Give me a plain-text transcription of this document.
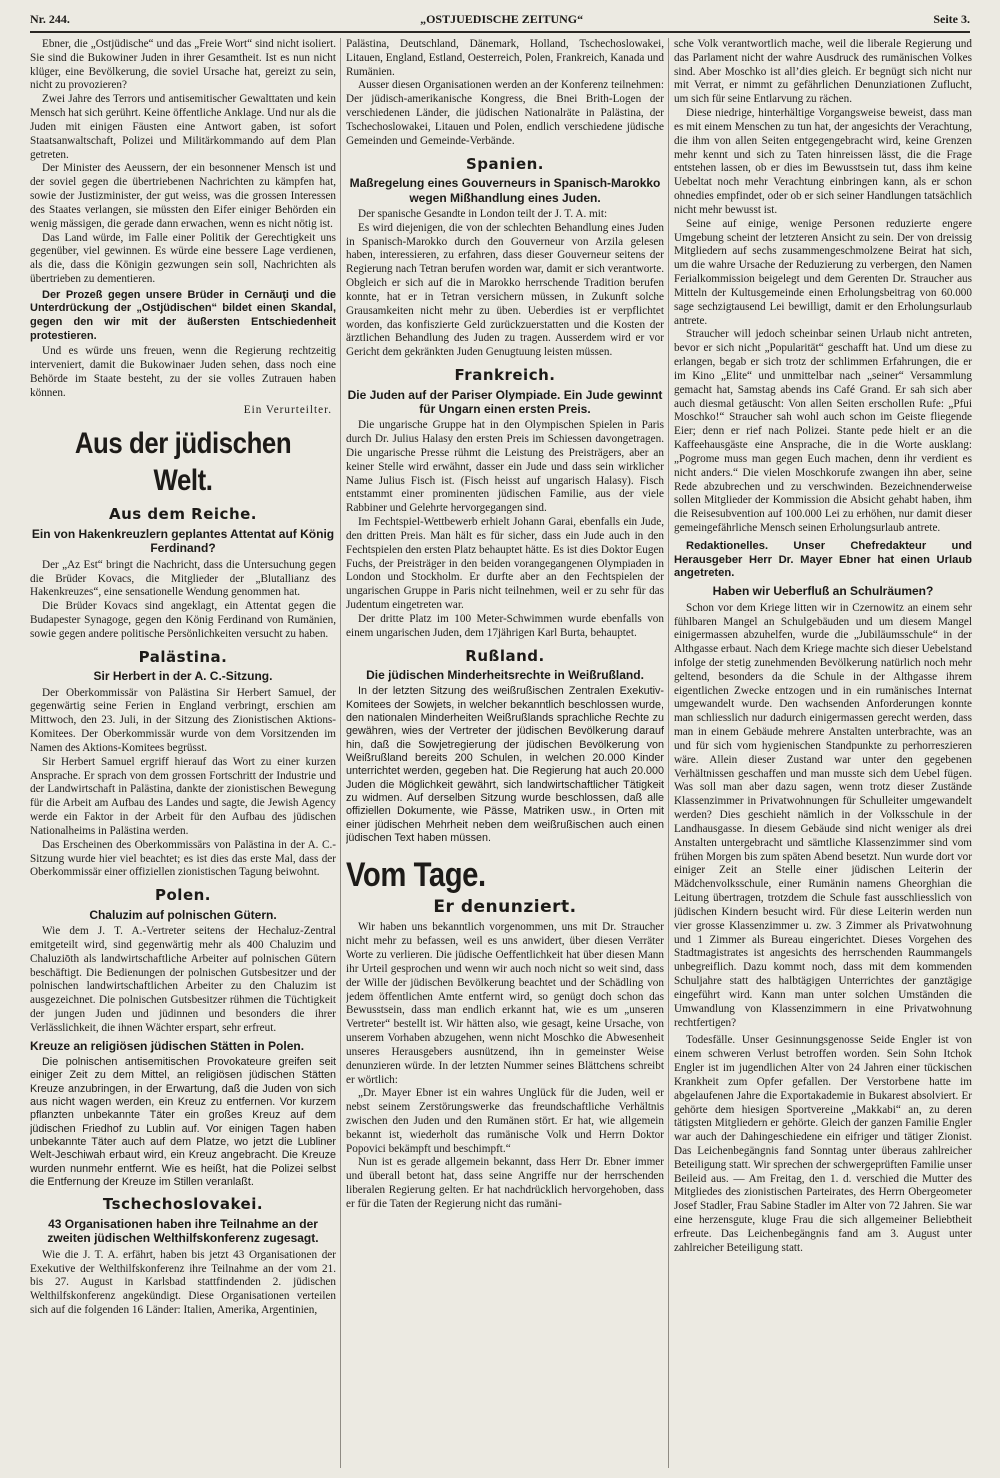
Nr. 244.	„OSTJUEDISCHE ZEITUNG“	Seite 3.

Ebner, die „Ostjüdische“ und das „Freie Wort“ sind nicht isoliert. Sie sind die Bukowiner Juden in ihrer Gesamtheit. Ist es nun nicht klüger, eine Bevölkerung, die soviel Ursache hat, gereizt zu sein, nicht zu provozieren?

Zwei Jahre des Terrors und antisemitischer Gewalttaten und kein Mensch hat sich gerührt. Keine öffentliche Anklage. Und nur als die Juden mit einigen Fäusten eine Antwort gaben, ist sofort Staatsanwaltschaft, Polizei und Militärkommando auf dem Plan getreten.

Der Minister des Aeussern, der ein besonnener Mensch ist und der soviel gegen die übertriebenen Nachrichten zu kämpfen hat, sowie der Justizminister, der gut weiss, was die grossen Interessen des Staates verlangen, sie müssten den Eifer einiger Behörden ein wenig mässigen, die gerade dann erwachen, wenn es nicht nötig ist.

Das Land würde, im Falle einer Politik der Gerechtigkeit uns gegenüber, viel gewinnen. Es würde eine bessere Lage verdienen, als die, dass die Königin gezwungen sein soll, Nachrichten als übertrieben zu dementieren.

Der Prozeß gegen unsere Brüder in Cernăuţi und die Unterdrückung der „Ostjüdischen“ bildet einen Skandal, gegen den wir mit der äußersten Entschiedenheit protestieren.

Und es würde uns freuen, wenn die Regierung rechtzeitig interveniert, damit die Bukowinaer Juden sehen, dass noch eine Behörde im Staate besteht, zu der sie volles Zutrauen haben können.

Ein Verurteilter.
Aus der jüdischen Welt.
Aus dem Reiche.
Ein von Hakenkreuzlern geplantes Attentat auf König Ferdinand?

Der „Az Est“ bringt die Nachricht, dass die Untersuchung gegen die Brüder Kovacs, die Mitglieder der „Blutallianz des Hakenkreuzes“, eine sensationelle Wendung genommen hat.

Die Brüder Kovacs sind angeklagt, ein Attentat gegen die Budapester Synagoge, gegen den König Ferdinand von Rumänien, sowie gegen andere politische Persönlichkeiten versucht zu haben.

Palästina.
Sir Herbert in der A. C.-Sitzung.

Der Oberkommissär von Palästina Sir Herbert Samuel, der gegenwärtig seine Ferien in England verbringt, erschien am Mittwoch, den 23. Juli, in der Sitzung des Zionistischen Aktions-Komitees. Der Oberkommissär wurde von dem Vorsitzenden im Namen des Aktions-Komitees begrüsst.

Sir Herbert Samuel ergriff hierauf das Wort zu einer kurzen Ansprache. Er sprach von dem grossen Fortschritt der Industrie und der Landwirtschaft in Palästina, dankte der zionistischen Bewegung für die Arbeit am Aufbau des Landes und sagte, die Jewish Agency werde ein Faktor in der Arbeit für den Aufbau des jüdischen Nationalheims in Palästina werden.

Das Erscheinen des Oberkommissärs von Palästina in der A. C.-Sitzung wurde hier viel beachtet; es ist dies das erste Mal, dass der Oberkommissär einer offiziellen zionistischen Tagung beiwohnt.

Polen.
Chaluzim auf polnischen Gütern.

Wie dem J. T. A.-Vertreter seitens der Hechaluz-Zentral emitgeteilt wird, sind gegenwärtig mehr als 400 Chaluzim und Chaluziōth als landwirtschaftliche Arbeiter auf polnischen Gütern beschäftigt. Die Bedienungen der polnischen Gutsbesitzer und der polnischen landwirtschaftlichen Arbeiter zu den Chaluzim ist ausgezeichnet. Die polnischen Gutsbesitzer rühmen die Tüchtigkeit der jungen Juden und jüdinnen und besonders die ihrer Verlässlichkeit, die ihnen Wächter erspart, sehr erfreut.

Kreuze an religiösen jüdischen Stätten in Polen.

Die polnischen antisemitischen Provokateure greifen seit einiger Zeit zu dem Mittel, an religiösen jüdischen Stätten Kreuze anzubringen, in der Erwartung, daß die Juden von sich aus nicht wagen werden, ein Kreuz zu entfernen. Vor kurzem pflanzten unbekannte Täter ein großes Kreuz auf dem jüdischen Friedhof zu Lublin auf. Vor einigen Tagen haben unbekannte Täter auch auf dem Platze, wo jetzt die Lubliner Welt-Jeschiwah erbaut wird, ein Kreuz angebracht. Die Kreuze wurden nunmehr entfernt. Wie es heißt, hat die Polizei selbst die Entfernung der Kreuze im Stillen veranlaßt.

Tschechoslovakei.
43 Organisationen haben ihre Teilnahme an der zweiten jüdischen Welthilfskonferenz zugesagt.

Wie die J. T. A. erfährt, haben bis jetzt 43 Organisationen der Exekutive der Welthilfskonferenz ihre Teilnahme an der vom 21. bis 27. August in Karlsbad stattfindenden 2. jüdischen Welthilfskonferenz angekündigt. Diese Organisationen verteilen sich auf die folgenden 16 Länder: Italien, Amerika, Argentinien,

Palästina, Deutschland, Dänemark, Holland, Tschechoslowakei, Litauen, England, Estland, Oesterreich, Polen, Frankreich, Kanada und Rumänien.

Ausser diesen Organisationen werden an der Konferenz teilnehmen: Der jüdisch-amerikanische Kongress, die Bnei Brith-Logen der verschiedenen Länder, die jüdischen Nationalräte in Palästina, der Tschechoslowakei, Litauen und Polen, endlich verschiedene jüdische Gemeinden und Gemeinde-Verbände.

Spanien.
Maßregelung eines Gouverneurs in Spanisch-Marokko wegen Mißhandlung eines Juden.

Der spanische Gesandte in London teilt der J. T. A. mit:

Es wird diejenigen, die von der schlechten Behandlung eines Juden in Spanisch-Marokko durch den Gouverneur von Arzila gelesen haben, interessieren, zu erfahren, dass dieser Gouverneur seitens der Regierung nach Tetran berufen worden war, damit er sich verantworte. Obgleich er sich auf die in Marokko herrschende Tradition berufen konnte, hat er in Tetran versichern müssen, in Zukunft solche Grausamkeiten nicht mehr zu üben. Ueberdies ist er verpflichtet worden, das konfiszierte Geld zurückzuerstatten und die Kosten der ärztlichen Behandlung des Juden zu tragen. Ausserdem wird er vor Gericht dem gekränkten Juden Genugtuung leisten müssen.

Frankreich.
Die Juden auf der Pariser Olympiade. Ein Jude gewinnt für Ungarn einen ersten Preis.

Die ungarische Gruppe hat in den Olympischen Spielen in Paris durch Dr. Julius Halasy den ersten Preis im Schiessen davongetragen. Die ungarische Presse rühmt die Leistung des Preisträgers, aber an keiner Stelle wird erwähnt, dasser ein Jude und dass sein wirklicher Name Julius Fisch ist. (Fisch heisst auf ungarisch Halasy). Fisch entstammt einer prominenten jüdischen Familie, aus der viele Rabbiner und Gelehrte hervorgegangen sind.

Im Fechtspiel-Wettbewerb erhielt Johann Garai, ebenfalls ein Jude, den dritten Preis. Man hält es für sicher, dass ein Jude auch in den Fechtspielen den ersten Platz behauptet hätte. Es ist dies Doktor Eugen Fuchs, der Preisträger in den beiden vorangegangenen Olympiaden in London und Stockholm. Er durfte aber an den Fechtspielen der ungarischen Gruppe in Paris nicht teilnehmen, weil er zu sehr für das Judentum eingetreten war.

Der dritte Platz im 100 Meter-Schwimmen wurde ebenfalls von einem ungarischen Juden, dem 17jährigen Karl Burta, behauptet.

Rußland.
Die jüdischen Minderheitsrechte in Weißrußland.

In der letzten Sitzung des weißrußischen Zentralen Exekutiv-Komitees der Sowjets, in welcher bekanntlich beschlossen wurde, den nationalen Minderheiten Weißrußlands sprachliche Rechte zu gewähren, wies der Vertreter der jüdischen Bevölkerung darauf hin, daß die Sowjetregierung der jüdischen Bevölkerung von Weißrußland bereits 200 Schulen, in welchen 20.000 Kinder unterrichtet werden, gegeben hat. Die Regierung hat auch 20.000 Juden die Möglichkeit gewährt, sich landwirtschaftlicher Tätigkeit zu widmen. Auf derselben Sitzung wurde beschlossen, daß alle offiziellen Dokumente, wie Pässe, Matriken usw., in Orten mit einer jüdischen Mehrheit neben dem weißrußischen auch einen jüdischen Text haben müssen.

Vom Tage.
Er denunziert.

Wir haben uns bekanntlich vorgenommen, uns mit Dr. Straucher nicht mehr zu befassen, weil es uns anwidert, über diesen Verräter Worte zu verlieren. Die jüdische Oeffentlichkeit hat über diesen Mann ihr Urteil gesprochen und wenn wir auch noch nicht so weit sind, dass der Wille der jüdischen Bevölkerung beachtet und der Schädling von jedem öffentlichen Amte entfernt wird, so genügt doch schon das Bewusstsein, dass man endlich erkannt hat, wie es um „unseren Vertreter“ bestellt ist. Wir hätten also, wie gesagt, keine Ursache, von unserem Vorhaben abzugehen, wenn nicht Moschko die Abwesenheit unseres Herausgebers ausnützend, ihn in gemeinster Weise denunzieren würde. In der letzten Nummer seines Blättchens schreibt er wörtlich:

„Dr. Mayer Ebner ist ein wahres Unglück für die Juden, weil er nebst seinem Zerstörungswerke das freundschaftliche Verhältnis zwischen den Juden und den Rumänen stört. Er hat, wie allgemein bekannt ist, wiederholt das rumänische Volk und Herrn Doktor Popovici bekämpft und beschimpft.“

Nun ist es gerade allgemein bekannt, dass Herr Dr. Ebner immer und überall betont hat, dass seine Angriffe nur der herrschenden liberalen Regierung gelten. Er hat nachdrücklich hervorgehoben, dass er für die Taten der Regierung nicht das rumäni-

sche Volk verantwortlich mache, weil die liberale Regierung und das Parlament nicht der wahre Ausdruck des rumänischen Volkes sind. Aber Moschko ist all’dies gleich. Er begnügt sich nicht nur mit Verrat, er nimmt zu gefährlichen Denunziationen Zuflucht, um sich für seine Entlarvung zu rächen.

Diese niedrige, hinterhältige Vorgangsweise beweist, dass man es mit einem Menschen zu tun hat, der angesichts der Verachtung, die ihm von allen Seiten entgegengebracht wird, keine Grenzen mehr kennt und sich zu Taten hinreissen lässt, die die Frage entstehen lassen, ob er dies im Bewusstsein tut, dass ihm keine Uebeltat noch mehr Verachtung einbringen kann, als er schon ohnedies empfindet, oder ob er sich seiner Handlungen tatsächlich nicht mehr bewusst ist.

Seine auf einige, wenige Personen reduzierte engere Umgebung scheint der letzteren Ansicht zu sein. Der von dreissig Mitgliedern auf sechs zusammengeschmolzene Beirat hat sich, um die wahre Ursache der Reduzierung zu verbergen, den Namen Ferialkommission beigelegt und dem Gerenten Dr. Straucher aus Mitteln der Kultusgemeinde einen Erholungsbeitrag von 60.000 sage sechzigtausend Lei bewilligt, damit er den Erholungsurlaub antrete.

Straucher will jedoch scheinbar seinen Urlaub nicht antreten, bevor er sich nicht „Popularität“ geschafft hat. Und um diese zu erlangen, begab er sich trotz der schlimmen Erfahrungen, die er im Kino „Elite“ und unmittelbar nach „seiner“ Versammlung gemacht hat, Samstag abends ins Café Grand. Er sah sich aber auch diesmal getäuscht: Von allen Seiten erschollen Rufe: „Pfui Moschko!“ Straucher sah wohl auch schon im Geiste fliegende Eier; denn er rief nach Polizei. Stante pede hielt er an die Kaffeehausgäste eine Ansprache, die in die Worte ausklang: „Pogrome muss man gegen Euch machen, denn ihr verdient es nicht anders.“ Die vielen Moschkorufe zwangen ihn aber, seine Rede abzubrechen und zu verschwinden. Bezeichnenderweise sollen Mitglieder der Kommission die Absicht gehabt haben, ihm die Reisesubvention auf 100.000 Lei zu erhöhen, nur damit dieser gemeingefährliche Mensch seinen Erholungsurlaub antrete.

Redaktionelles. Unser Chefredakteur und Herausgeber Herr Dr. Mayer Ebner hat einen Urlaub angetreten.

Haben wir Ueberfluß an Schulräumen?

Schon vor dem Kriege litten wir in Czernowitz an einem sehr fühlbaren Mangel an Schulgebäuden und um diesem Mangel einigermassen abzuhelfen, wurde die „Jubiläumsschule“ in der Althgasse erbaut. Nach dem Kriege machte sich dieser Uebelstand infolge der stetig zunehmenden Bevölkerung natürlich noch mehr geltend, besonders da die Schule in der Althgasse ihrem eigentlichen Zwecke entzogen und in ein rumänisches Internat umgewandelt wurde. Den wachsenden Anforderungen konnte man schliesslich nur dadurch einigermassen gerecht werden, dass man in einem Gebäude mehrere Anstalten unterbrachte, was an und für sich vom hygienischen Standpunkte zu perhorreszieren wäre. Allein dieser Zustand war unter den gegebenen Verhältnissen geschaffen und man musste sich dem Uebel fügen. Was soll man aber dazu sagen, wenn trotz dieser Zustände Klassenzimmer in Privatwohnungen für Schulleiter umgewandelt werden? Dies geschieht nämlich in der Volksschule in der Landhausgasse. In diesem Gebäude sind nicht weniger als drei Anstalten untergebracht und sämtliche Klassenzimmer sind vom frühen Morgen bis zum späten Abend besetzt. Nun wurde dort vor einiger Zeit an Stelle einer jüdischen Leiterin der Mädchenvolksschule, einer Rumänin namens Gheorghian die Leitung übertragen, trotzdem die Schule fast ausschliesslich von jüdischen Kindern besucht wird. Für diese Leiterin werden nun vier grosse Klassenzimmer u. zw. 3 Zimmer als Privatwohnung und 1 Zimmer als Bureau eingerichtet. Dieses Vorgehen des Stadtmagistrates ist angesichts des herrschenden Raummangels unbegreiflich. Dazu kommt noch, dass mit dem kommenden Schuljahre statt des halbtägigen Unterrichtes der ganztägige eingeführt wird. Kann man unter solchen Umständen die Umwandlung von Klassenzimmern in eine Privatwohnung rechtfertigen?

Todesfälle. Unser Gesinnungsgenosse Seide Engler ist von einem schweren Verlust betroffen worden. Sein Sohn Itchok Engler ist im jugendlichen Alter von 24 Jahren einer tückischen Krankheit zum Opfer gefallen. Der Verstorbene hatte im abgelaufenen Jahre die Exportakademie in Bukarest absolviert. Er gehörte dem hiesigen Sportvereine „Makkabi“ an, zu deren tätigsten Mitgliedern er gehörte. Gleich der ganzen Familie Engler war auch der Dahingeschiedene ein eifriger und tätiger Zionist. Das Leichenbegängnis fand Sonntag unter überaus zahlreicher Beteiligung statt. Wir sprechen der schwergeprüften Familie unser Beileid aus. — Am Freitag, den 1. d. verschied die Mutter des Mitgliedes des zionistischen Parteirates, des Herrn Obergeometer Josef Stadler, Frau Sabine Stadler im Alter von 72 Jahren. Sie war eine herzensgute, kluge Frau die sich allgemeiner Beliebtheit erfreute. Das Leichenbegängnis fand am 3. August unter zahlreicher Beteiligung statt.
